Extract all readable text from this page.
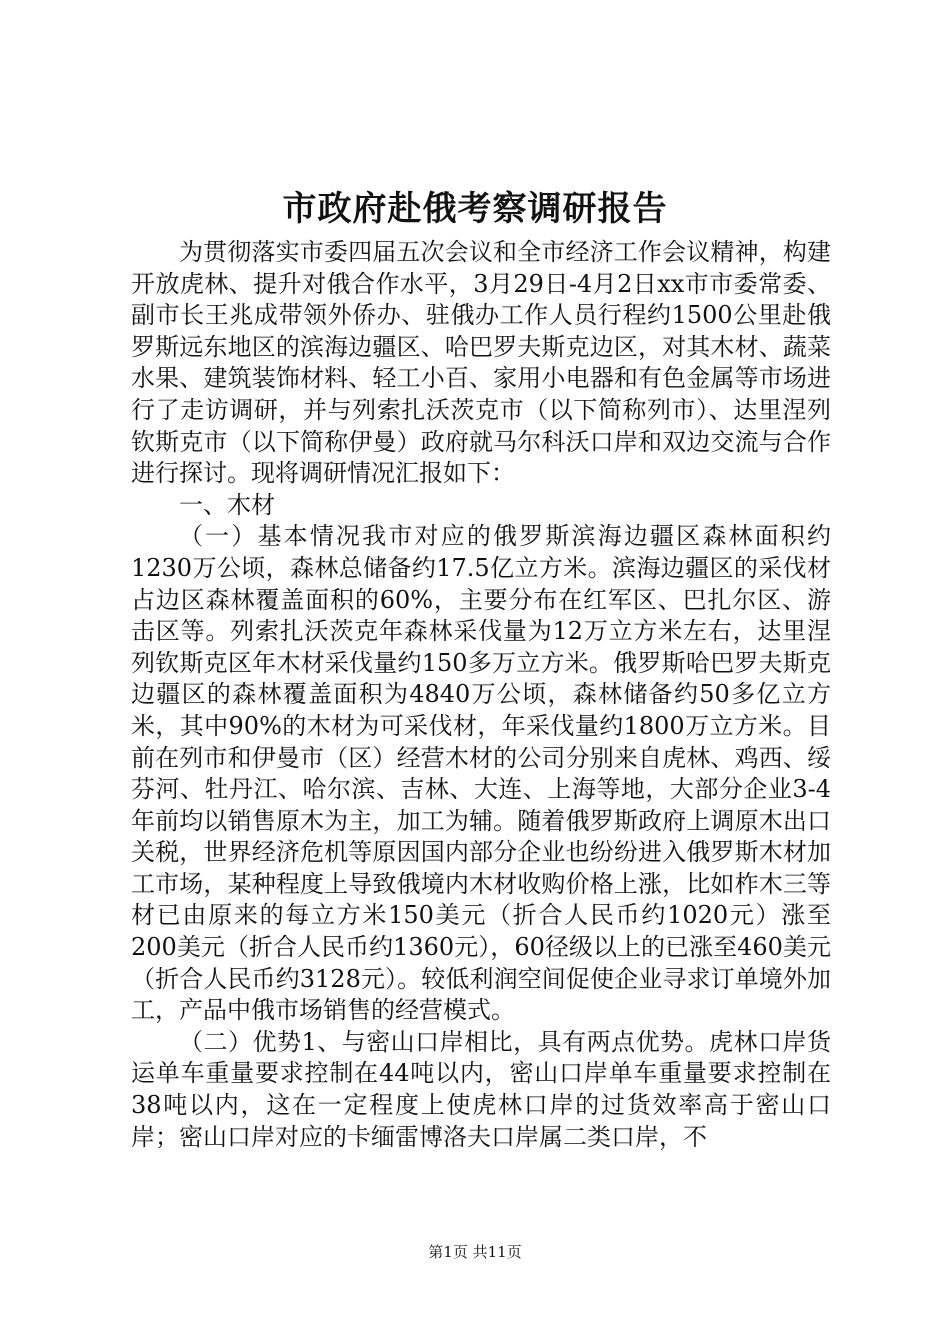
市政府赴俄考察调研报告

为贯彻落实市委四届五次会议和全市经济工作会议精神，构建开放虎林、提升对俄合作水平，3月29日-4月2日xx市市委常委、副市长王兆成带领外侨办、驻俄办工作人员行程约1500公里赴俄罗斯远东地区的滨海边疆区、哈巴罗夫斯克边区，对其木材、蔬菜水果、建筑装饰材料、轻工小百、家用小电器和有色金属等市场进行了走访调研，并与列索扎沃茨克市（以下简称列市）、达里涅列钦斯克市（以下简称伊曼）政府就马尔科沃口岸和双边交流与合作进行探讨。现将调研情况汇报如下：

一、木材

（一）基本情况我市对应的俄罗斯滨海边疆区森林面积约1230万公顷，森林总储备约17.5亿立方米。滨海边疆区的采伐材占边区森林覆盖面积的60%，主要分布在红军区、巴扎尔区、游击区等。列索扎沃茨克年森林采伐量为12万立方米左右，达里涅列钦斯克区年木材采伐量约150多万立方米。俄罗斯哈巴罗夫斯克边疆区的森林覆盖面积为4840万公顷，森林储备约50多亿立方米，其中90%的木材为可采伐材，年采伐量约1800万立方米。目前在列市和伊曼市（区）经营木材的公司分别来自虎林、鸡西、绥芬河、牡丹江、哈尔滨、吉林、大连、上海等地，大部分企业3-4年前均以销售原木为主，加工为辅。随着俄罗斯政府上调原木出口关税，世界经济危机等原因国内部分企业也纷纷进入俄罗斯木材加工市场，某种程度上导致俄境内木材收购价格上涨，比如柞木三等材已由原来的每立方米150美元（折合人民币约1020元）涨至200美元（折合人民币约1360元），60径级以上的已涨至460美元（折合人民币约3128元）。较低利润空间促使企业寻求订单境外加工，产品中俄市场销售的经营模式。

（二）优势1、与密山口岸相比，具有两点优势。虎林口岸货运单车重量要求控制在44吨以内，密山口岸单车重量要求控制在38吨以内，这在一定程度上使虎林口岸的过货效率高于密山口岸；密山口岸对应的卡缅雷博洛夫口岸属二类口岸，不

第1页 共11页
